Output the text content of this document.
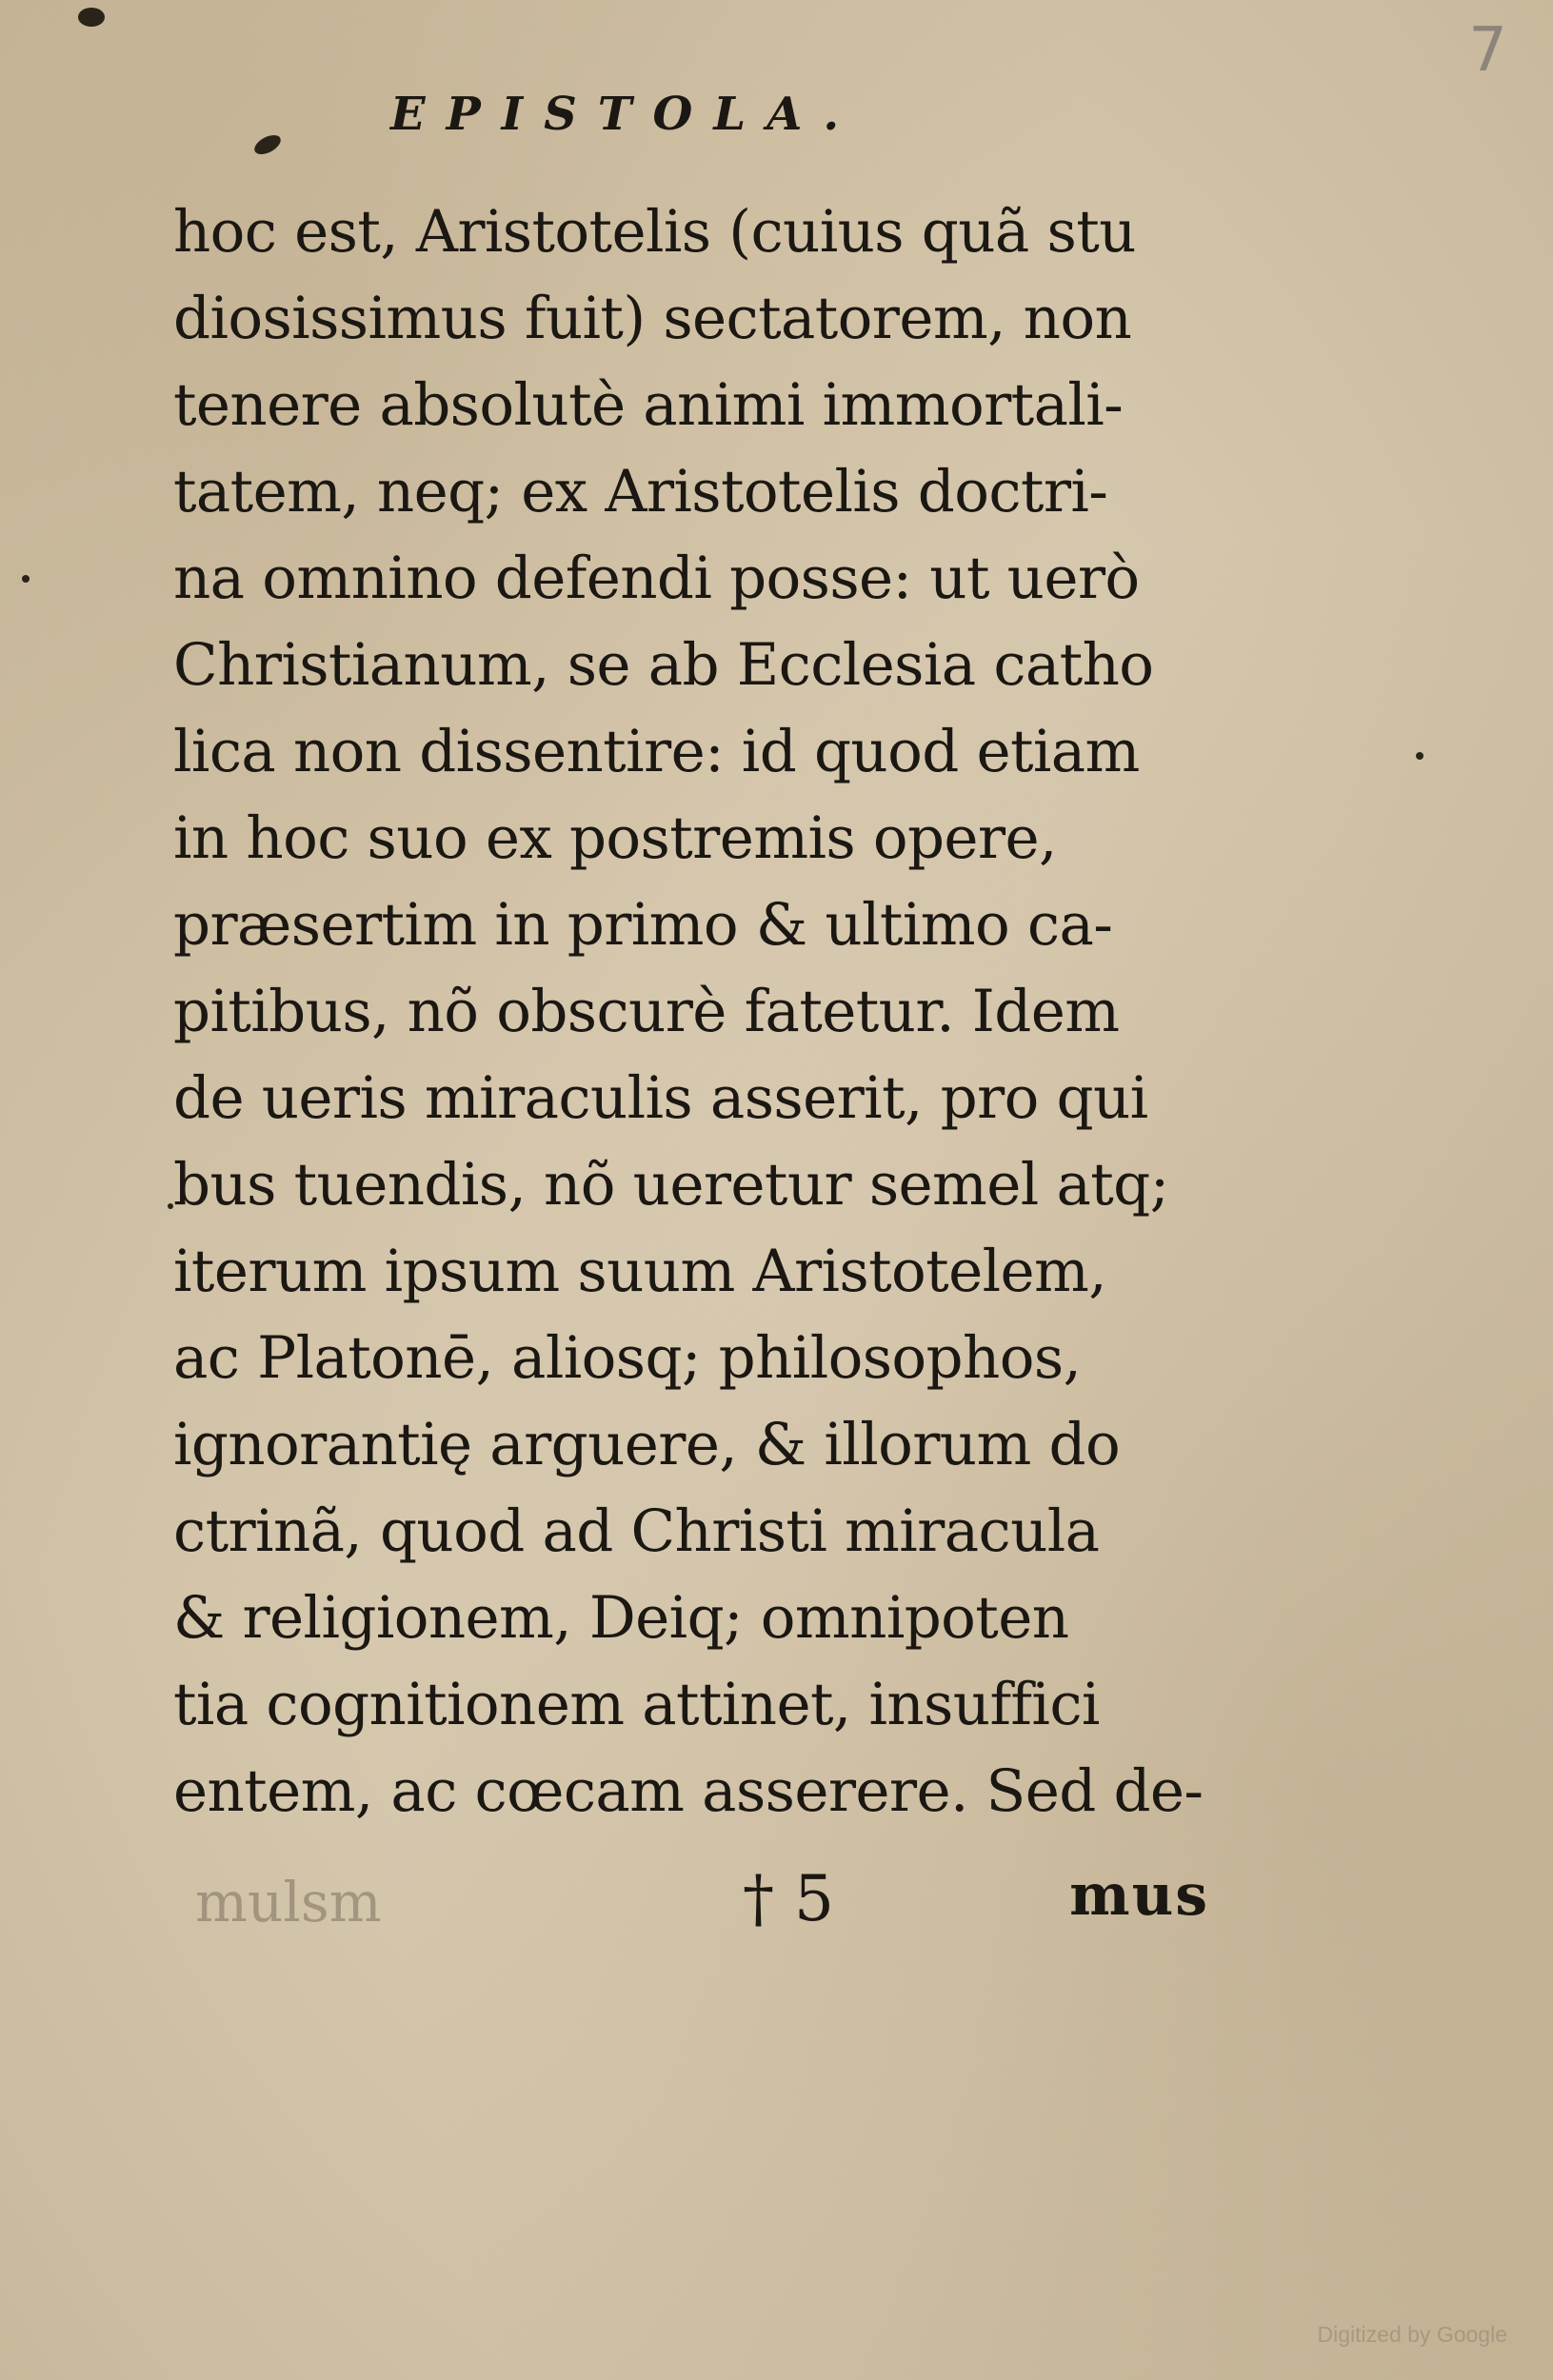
EPISTOLA.
7
hoc est, Aristotelis (cuius quã stu
diosissimus fuit) sectatorem, non
tenere absolutè animi immortali-
tatem, neq; ex Aristotelis doctri-
na omnino defendi posse: ut uerò
Christianum, se ab Ecclesia catho
lica non dissentire: id quod etiam
in hoc suo ex postremis opere,
præsertim in primo & ultimo ca-
pitibus, nõ obscurè fatetur. Idem
de ueris miraculis asserit, pro qui
bus tuendis, nõ ueretur semel atq;
iterum ipsum suum Aristotelem,
ac Platonē, aliosq; philosophos,
ignorantię arguere, & illorum do
ctrinã, quod ad Christi miracula
& religionem, Deiq; omnipoten
tia cognitionem attinet, insuffici
entem, ac cœcam asserere. Sed de-
mulsm	† 5	mus
Digitized by Google
